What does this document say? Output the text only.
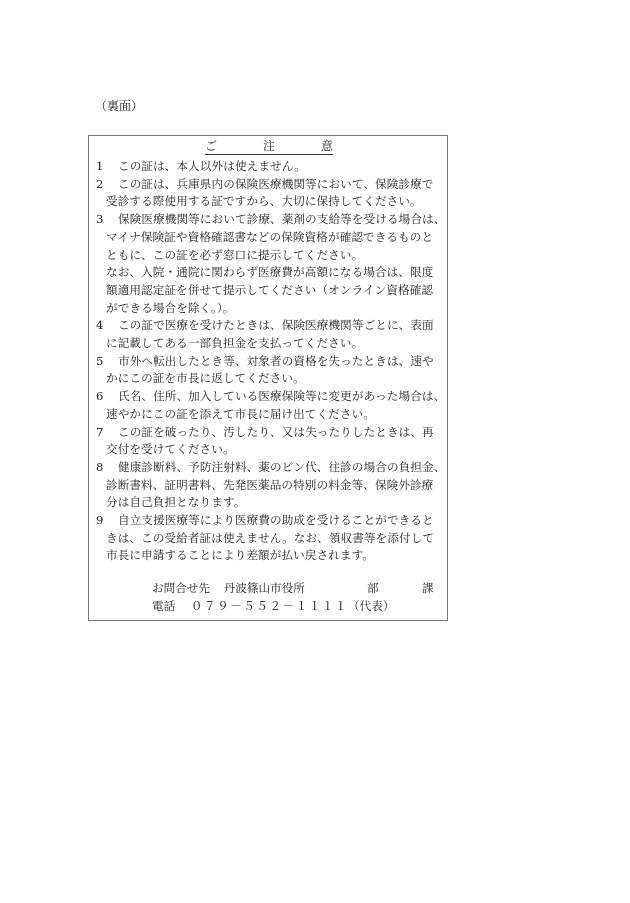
（裏面）
ご	注	意
1 この証は、本人以外は使えません。
2 この証は、兵庫県内の保険医療機関等において、保険診療で
受診する際使用する証ですから、大切に保持してください。
3 保険医療機関等において診療、薬剤の支給等を受ける場合は、
マイナ保険証や資格確認書などの保険資格が確認できるものと
ともに、この証を必ず窓口に提示してください。
なお、入院・通院に関わらず医療費が高額になる場合は、限度
額適用認定証を併せて提示してください（オンライン資格確認
ができる場合を除く。）。
4 この証で医療を受けたときは、保険医療機関等ごとに、表面
に記載してある一部負担金を支払ってください。
5 市外へ転出したとき等、対象者の資格を失ったときは、速や
かにこの証を市長に返してください。
6 氏名、住所、加入している医療保険等に変更があった場合は、
速やかにこの証を添えて市長に届け出てください。
7 この証を破ったり、汚したり、又は失ったりしたときは、再
交付を受けてください。
8 健康診断料、予防注射料、薬のビン代、往診の場合の負担金、
診断書料、証明書料、先発医薬品の特別の料金等、保険外診療
分は自己負担となります。
9 自立支援医療等により医療費の助成を受けることができると
きは、この受給者証は使えません。なお、領収書等を添付して
市長に申請することにより差額が払い戻されます。
お問合せ先 丹波篠山市役所	部	課
電話 ０７９－５５２－１１１１（代表）
